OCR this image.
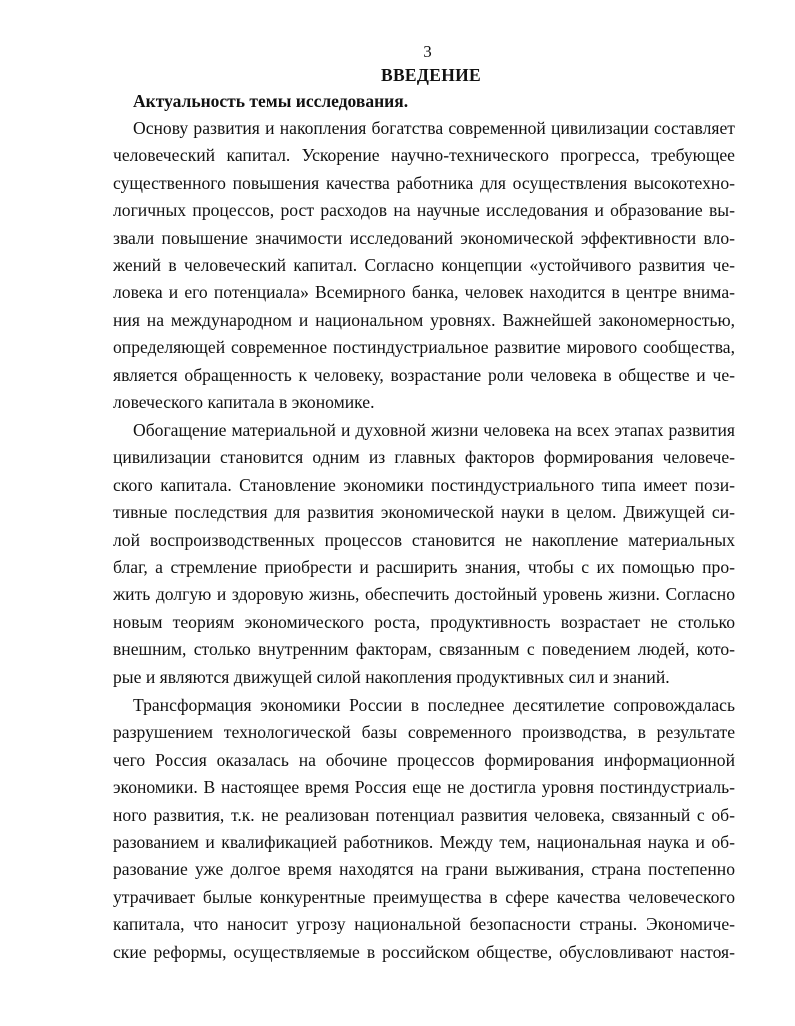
3
ВВЕДЕНИЕ
Актуальность темы исследования.

Основу развития и накопления богатства современной цивилизации составляет
человеческий капитал. Ускорение научно-технического прогресса, требующее
существенного повышения качества работника для осуществления высокотехно-
логичных процессов, рост расходов на научные исследования и образование вы-
звали повышение значимости исследований экономической эффективности вло-
жений в человеческий капитал. Согласно концепции «устойчивого развития че-
ловека и его потенциала» Всемирного банка, человек находится в центре внима-
ния на международном и национальном уровнях. Важнейшей закономерностью,
определяющей современное постиндустриальное развитие мирового сообщества,
является обращенность к человеку, возрастание роли человека в обществе и че-
ловеческого капитала в экономике.

Обогащение материальной и духовной жизни человека на всех этапах развития
цивилизации становится одним из главных факторов формирования человече-
ского капитала. Становление экономики постиндустриального типа имеет пози-
тивные последствия для развития экономической науки в целом. Движущей си-
лой воспроизводственных процессов становится не накопление материальных
благ, а стремление приобрести и расширить знания, чтобы с их помощью про-
жить долгую и здоровую жизнь, обеспечить достойный уровень жизни. Согласно
новым теориям экономического роста, продуктивность возрастает не столько
внешним, столько внутренним факторам, связанным с поведением людей, кото-
рые и являются движущей силой накопления продуктивных сил и знаний.

Трансформация экономики России в последнее десятилетие сопровождалась
разрушением технологической базы современного производства, в результате
чего Россия оказалась на обочине процессов формирования информационной
экономики. В настоящее время Россия еще не достигла уровня постиндустриаль-
ного развития, т.к. не реализован потенциал развития человека, связанный с об-
разованием и квалификацией работников. Между тем, национальная наука и об-
разование уже долгое время находятся на грани выживания, страна постепенно
утрачивает былые конкурентные преимущества в сфере качества человеческого
капитала, что наносит угрозу национальной безопасности страны. Экономиче-
ские реформы, осуществляемые в российском обществе, обусловливают настоя-
